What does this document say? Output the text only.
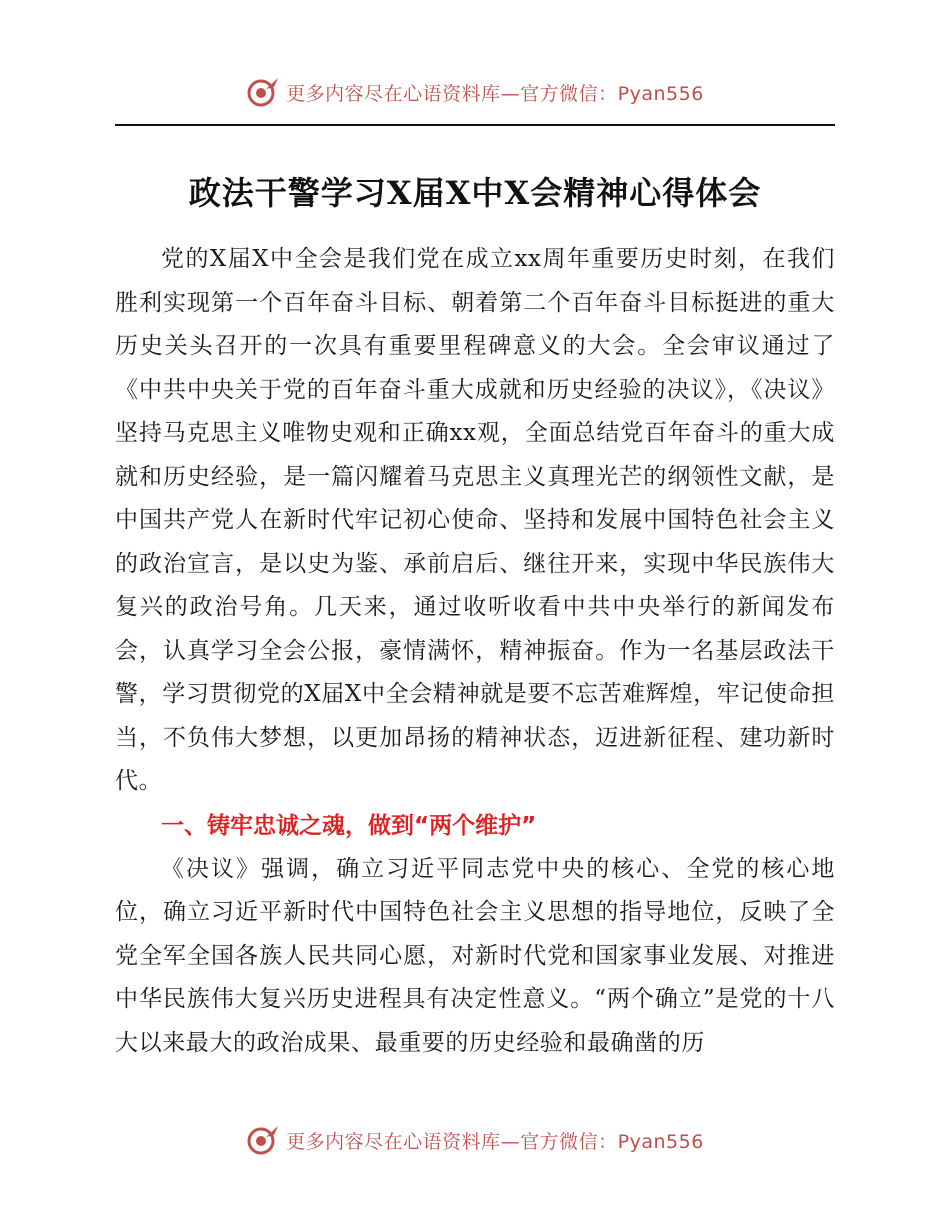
更多内容尽在心语资料库—官方微信：Pyan556
政法干警学习X届X中X会精神心得体会

党的X届X中全会是我们党在成立xx周年重要历史时刻，在我们胜利实现第一个百年奋斗目标、朝着第二个百年奋斗目标挺进的重大历史关头召开的一次具有重要里程碑意义的大会。全会审议通过了《中共中央关于党的百年奋斗重大成就和历史经验的决议》，《决议》坚持马克思主义唯物史观和正确xx观，全面总结党百年奋斗的重大成就和历史经验，是一篇闪耀着马克思主义真理光芒的纲领性文献，是中国共产党人在新时代牢记初心使命、坚持和发展中国特色社会主义的政治宣言，是以史为鉴、承前启后、继往开来，实现中华民族伟大复兴的政治号角。几天来，通过收听收看中共中央举行的新闻发布会，认真学习全会公报，豪情满怀，精神振奋。作为一名基层政法干警，学习贯彻党的X届X中全会精神就是要不忘苦难辉煌，牢记使命担当，不负伟大梦想，以更加昂扬的精神状态，迈进新征程、建功新时代。

一、铸牢忠诚之魂，做到“两个维护”

《决议》强调，确立习近平同志党中央的核心、全党的核心地位，确立习近平新时代中国特色社会主义思想的指导地位，反映了全党全军全国各族人民共同心愿，对新时代党和国家事业发展、对推进中华民族伟大复兴历史进程具有决定性意义。“两个确立”是党的十八大以来最大的政治成果、最重要的历史经验和最确凿的历

更多内容尽在心语资料库—官方微信：Pyan556
